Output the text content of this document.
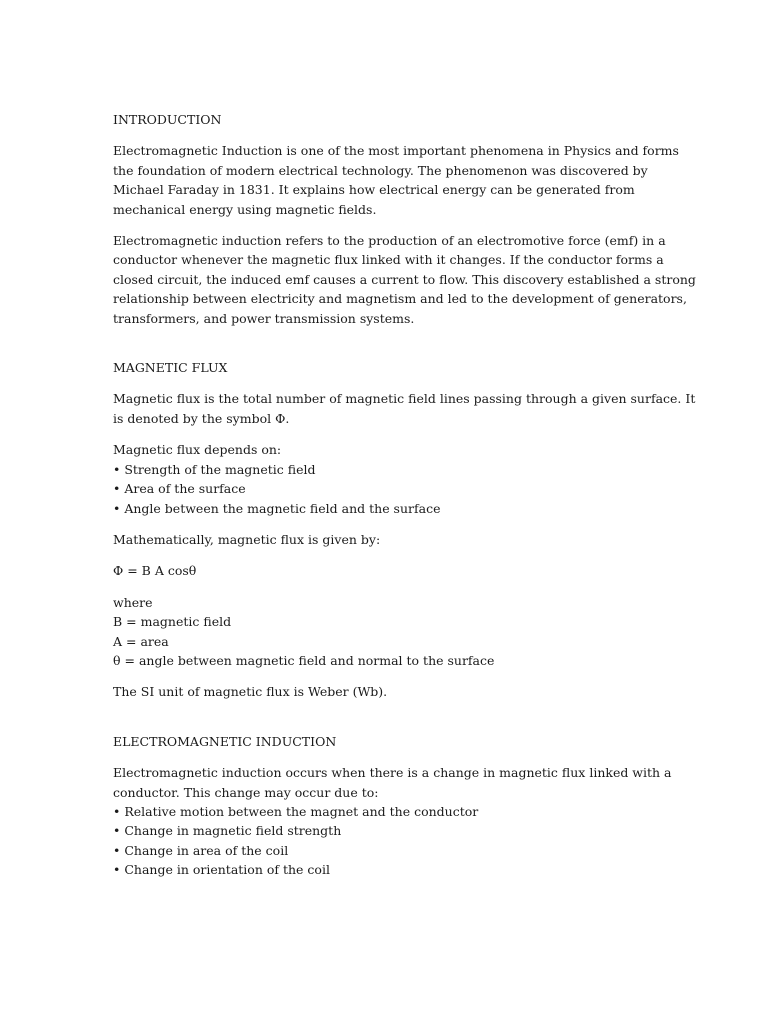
INTRODUCTION

Electromagnetic Induction is one of the most important phenomena in Physics and forms
the foundation of modern electrical technology. The phenomenon was discovered by
Michael Faraday in 1831. It explains how electrical energy can be generated from
mechanical energy using magnetic fields.

Electromagnetic induction refers to the production of an electromotive force (emf) in a
conductor whenever the magnetic flux linked with it changes. If the conductor forms a
closed circuit, the induced emf causes a current to flow. This discovery established a strong
relationship between electricity and magnetism and led to the development of generators,
transformers, and power transmission systems.

MAGNETIC FLUX

Magnetic flux is the total number of magnetic field lines passing through a given surface. It
is denoted by the symbol Φ.

Magnetic flux depends on:
• Strength of the magnetic field
• Area of the surface
• Angle between the magnetic field and the surface

Mathematically, magnetic flux is given by:

Φ = B A cosθ

where
B = magnetic field
A = area
θ = angle between magnetic field and normal to the surface

The SI unit of magnetic flux is Weber (Wb).

ELECTROMAGNETIC INDUCTION

Electromagnetic induction occurs when there is a change in magnetic flux linked with a
conductor. This change may occur due to:
• Relative motion between the magnet and the conductor
• Change in magnetic field strength
• Change in area of the coil
• Change in orientation of the coil
